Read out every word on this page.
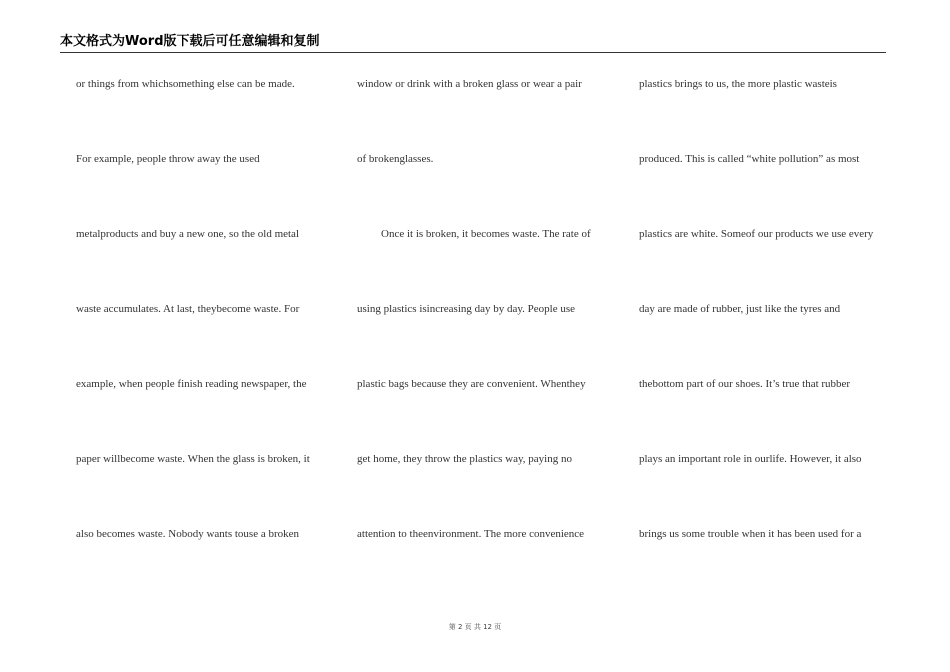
本文格式为Word版下载后可任意编辑和复制
or things from whichsomething else can be made.
For example, people throw away the used
metalproducts and buy a new one, so the old metal
waste accumulates. At last, theybecome waste. For
example, when people finish reading newspaper, the
paper willbecome waste. When the glass is broken, it
also becomes waste. Nobody wants touse a broken
window or drink with a broken glass or wear a pair
of brokenglasses.
Once it is broken, it becomes waste. The rate of
using plastics isincreasing day by day. People use
plastic bags because they are convenient. Whenthey
get home, they throw the plastics way, paying no
attention to theenvironment. The more convenience
plastics brings to us, the more plastic wasteis
produced. This is called “white pollution” as most
plastics are white. Someof our products we use every
day are made of rubber, just like the tyres and
thebottom part of our shoes. It’s true that rubber
plays an important role in ourlife. However, it also
brings us some trouble when it has been used for a
第 2 页 共 12 页
